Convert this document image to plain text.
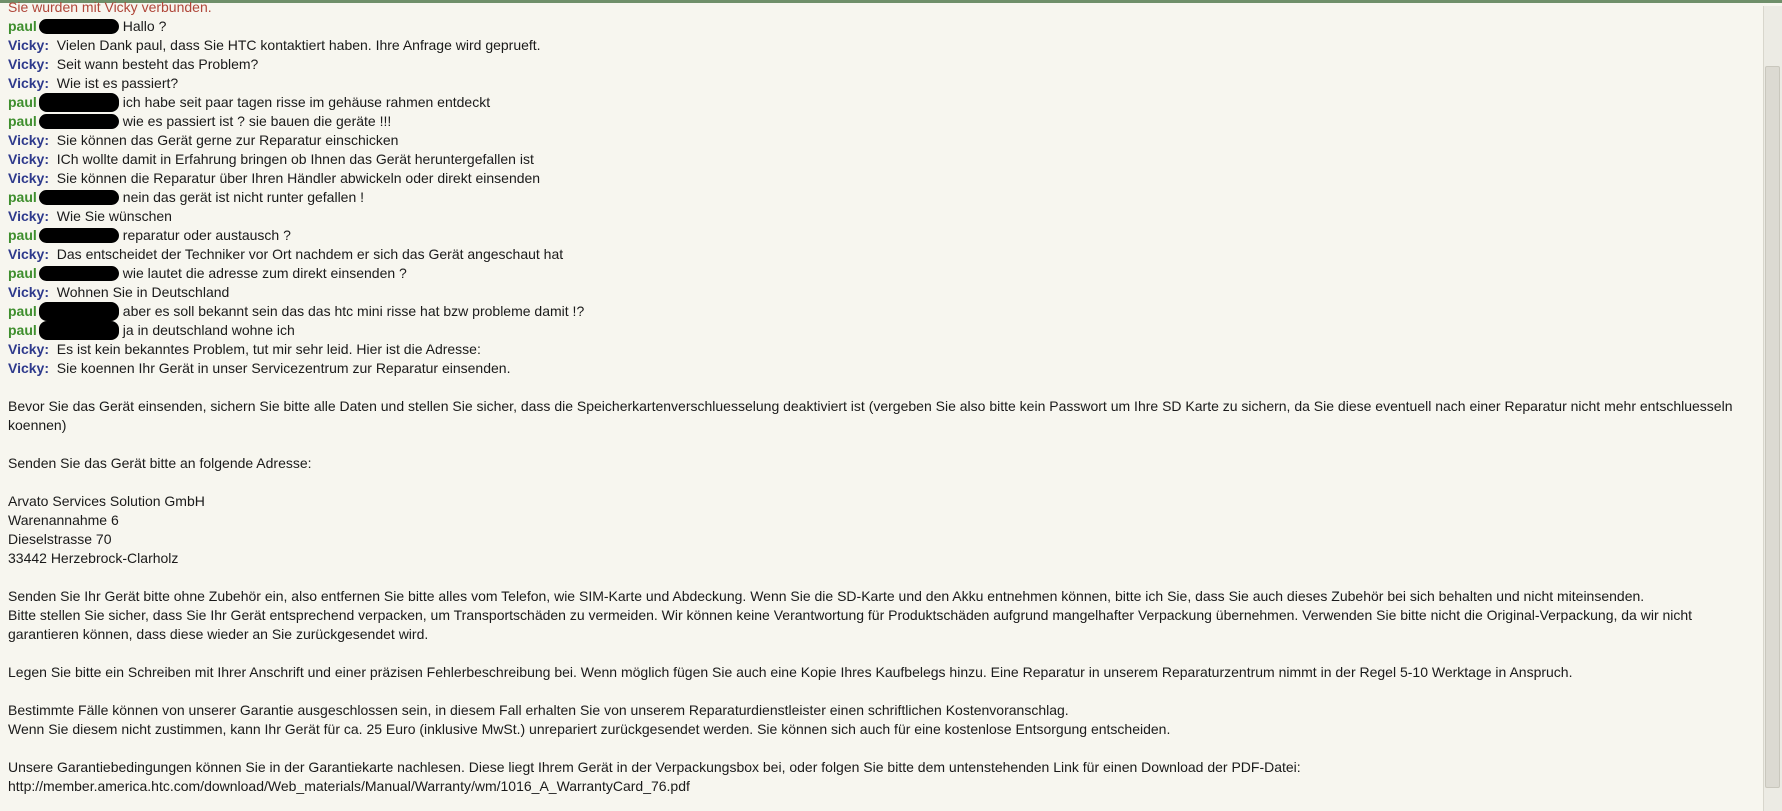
Sie wurden mit Vicky verbunden.
paul	Hallo ?
Vicky: Vielen Dank paul, dass Sie HTC kontaktiert haben. Ihre Anfrage wird geprueft.
Vicky: Seit wann besteht das Problem?
Vicky: Wie ist es passiert?
paul	ich habe seit paar tagen risse im gehäuse rahmen entdeckt
paul	wie es passiert ist ? sie bauen die geräte !!!
Vicky: Sie können das Gerät gerne zur Reparatur einschicken
Vicky: ICh wollte damit in Erfahrung bringen ob Ihnen das Gerät heruntergefallen ist
Vicky: Sie können die Reparatur über Ihren Händler abwickeln oder direkt einsenden
paul	nein das gerät ist nicht runter gefallen !
Vicky: Wie Sie wünschen
paul	reparatur oder austausch ?
Vicky: Das entscheidet der Techniker vor Ort nachdem er sich das Gerät angeschaut hat
paul	wie lautet die adresse zum direkt einsenden ?
Vicky: Wohnen Sie in Deutschland
paul	aber es soll bekannt sein das das htc mini risse hat bzw probleme damit !?
paul	ja in deutschland wohne ich
Vicky: Es ist kein bekanntes Problem, tut mir sehr leid. Hier ist die Adresse:
Vicky: Sie koennen Ihr Gerät in unser Servicezentrum zur Reparatur einsenden.

Bevor Sie das Gerät einsenden, sichern Sie bitte alle Daten und stellen Sie sicher, dass die Speicherkartenverschluesselung deaktiviert ist (vergeben Sie also bitte kein Passwort um Ihre SD Karte zu sichern, da Sie diese eventuell nach einer Reparatur nicht mehr entschluesseln koennen)

Senden Sie das Gerät bitte an folgende Adresse:

Arvato Services Solution GmbH

Warenannahme 6

Dieselstrasse 70

33442 Herzebrock-Clarholz

Senden Sie Ihr Gerät bitte ohne Zubehör ein, also entfernen Sie bitte alles vom Telefon, wie SIM-Karte und Abdeckung. Wenn Sie die SD-Karte und den Akku entnehmen können, bitte ich Sie, dass Sie auch dieses Zubehör bei sich behalten und nicht miteinsenden.

Bitte stellen Sie sicher, dass Sie Ihr Gerät entsprechend verpacken, um Transportschäden zu vermeiden. Wir können keine Verantwortung für Produktschäden aufgrund mangelhafter Verpackung übernehmen. Verwenden Sie bitte nicht die Original-Verpackung, da wir nicht garantieren können, dass diese wieder an Sie zurückgesendet wird.

Legen Sie bitte ein Schreiben mit Ihrer Anschrift und einer präzisen Fehlerbeschreibung bei. Wenn möglich fügen Sie auch eine Kopie Ihres Kaufbelegs hinzu. Eine Reparatur in unserem Reparaturzentrum nimmt in der Regel 5-10 Werktage in Anspruch.

Bestimmte Fälle können von unserer Garantie ausgeschlossen sein, in diesem Fall erhalten Sie von unserem Reparaturdienstleister einen schriftlichen Kostenvoranschlag.

Wenn Sie diesem nicht zustimmen, kann Ihr Gerät für ca. 25 Euro (inklusive MwSt.) unrepariert zurückgesendet werden. Sie können sich auch für eine kostenlose Entsorgung entscheiden.

Unsere Garantiebedingungen können Sie in der Garantiekarte nachlesen. Diese liegt Ihrem Gerät in der Verpackungsbox bei, oder folgen Sie bitte dem untenstehenden Link für einen Download der PDF-Datei:

http://member.america.htc.com/download/Web_materials/Manual/Warranty/wm/1016_A_WarrantyCard_76.pdf
